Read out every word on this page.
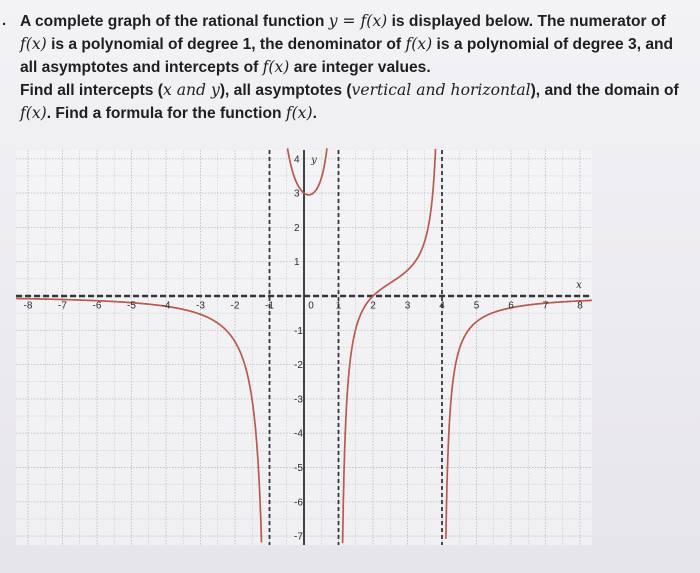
. A complete graph of the rational function y = f(x) is displayed below. The numerator of
f(x) is a polynomial of degree 1, the denominator of f(x) is a polynomial of degree 3, and
all asymptotes and intercepts of f(x) are integer values.
Find all intercepts (x and y), all asymptotes (vertical and horizontal), and the domain of
f(x). Find a formula for the function f(x).
-8	-7	-6	-5	-4	-3	-2	-1	0 1	2	3	4	5	6	7	8
-7
-6
-5
-4
-3
-2
-1
1
2
3
4
x
y
